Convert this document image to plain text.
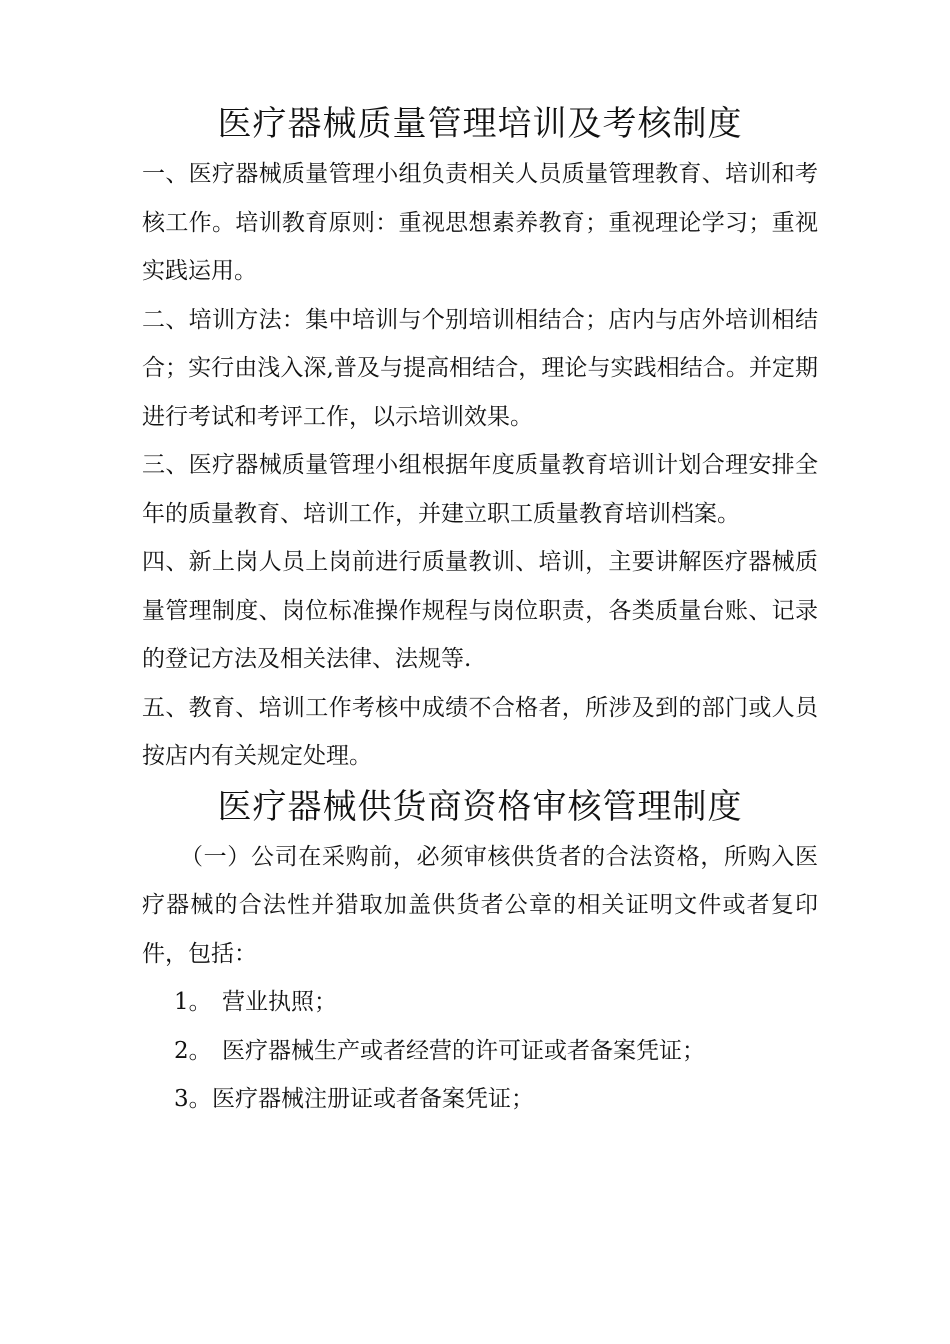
医疗器械质量管理培训及考核制度

一、医疗器械质量管理小组负责相关人员质量管理教育、培训和考核工作。培训教育原则：重视思想素养教育；重视理论学习；重视实践运用。

二、培训方法：集中培训与个别培训相结合；店内与店外培训相结合；实行由浅入深,普及与提高相结合，理论与实践相结合。并定期进行考试和考评工作，以示培训效果。

三、医疗器械质量管理小组根据年度质量教育培训计划合理安排全年的质量教育、培训工作，并建立职工质量教育培训档案。

四、新上岗人员上岗前进行质量教训、培训，主要讲解医疗器械质量管理制度、岗位标准操作规程与岗位职责，各类质量台账、记录的登记方法及相关法律、法规等.

五、教育、培训工作考核中成绩不合格者，所涉及到的部门或人员按店内有关规定处理。

医疗器械供货商资格审核管理制度

（一）公司在采购前，必须审核供货者的合法资格，所购入医疗器械的合法性并猎取加盖供货者公章的相关证明文件或者复印件，包括：

1。 营业执照；

2。 医疗器械生产或者经营的许可证或者备案凭证；

3。医疗器械注册证或者备案凭证；
